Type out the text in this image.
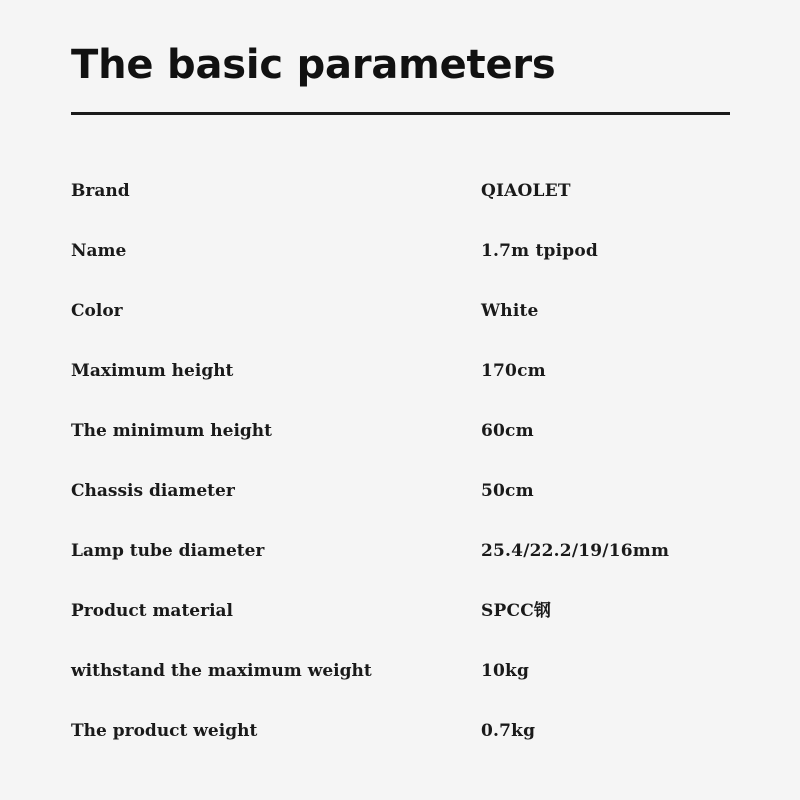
The basic parameters
Brand	QIAOLET
Name	1.7m tpipod
Color	White
Maximum height	170cm
The minimum height	60cm
Chassis diameter	50cm
Lamp tube diameter	25.4/22.2/19/16mm
Product material	SPCC钢
withstand the maximum weight	10kg
The product weight	0.7kg
